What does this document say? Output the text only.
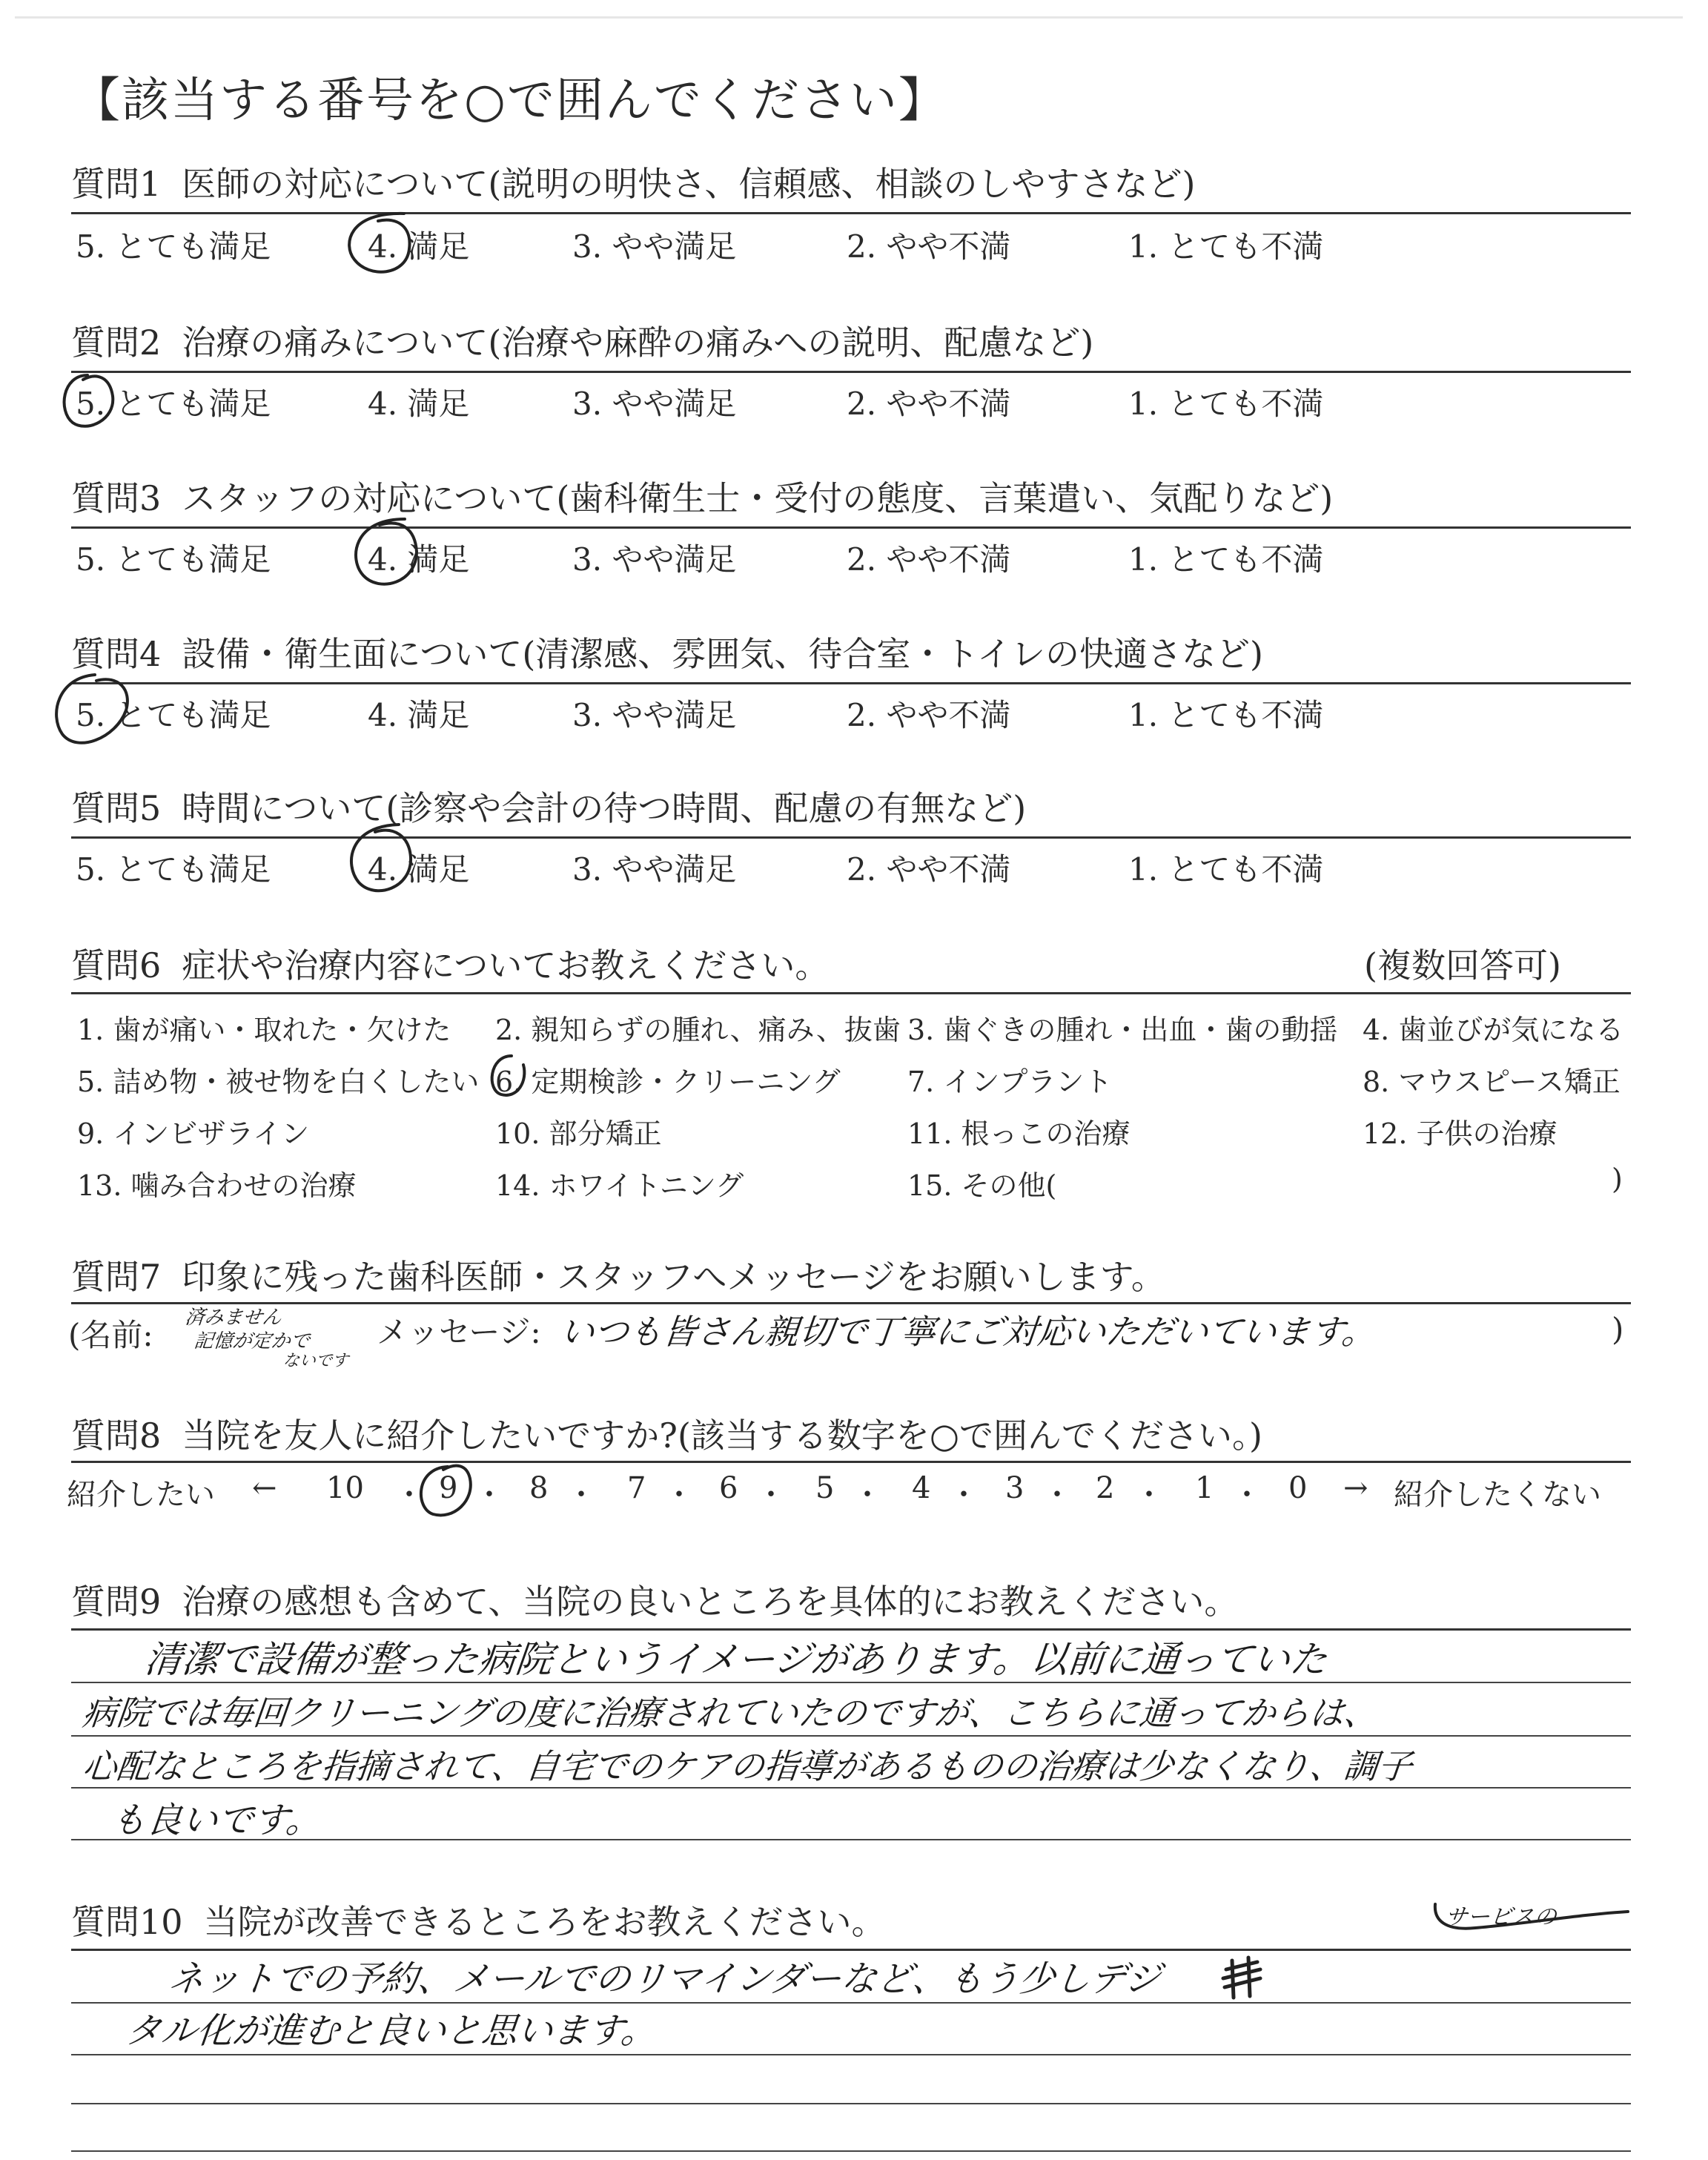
【該当する番号を○で囲んでください】
質問1 医師の対応について(説明の明快さ、信頼感、相談のしやすさなど)
5. とても満足	4. 満足	3. やや満足	2. やや不満	1. とても不満
質問2 治療の痛みについて(治療や麻酔の痛みへの説明、配慮など)
5. とても満足	4. 満足	3. やや満足	2. やや不満	1. とても不満
質問3 スタッフの対応について(歯科衛生士・受付の態度、言葉遣い、気配りなど)
5. とても満足	4. 満足	3. やや満足	2. やや不満	1. とても不満
質問4 設備・衛生面について(清潔感、雰囲気、待合室・トイレの快適さなど)
5. とても満足	4. 満足	3. やや満足	2. やや不満	1. とても不満
質問5 時間について(診察や会計の待つ時間、配慮の有無など)
5. とても満足	4. 満足	3. やや満足	2. やや不満	1. とても不満
質問6 症状や治療内容についてお教えください。	(複数回答可)
1. 歯が痛い・取れた・欠けた 2. 親知らずの腫れ、痛み、抜歯 3. 歯ぐきの腫れ・出血・歯の動揺 4. 歯並びが気になる
5. 詰め物・被せ物を白くしたい 6. 定期検診・クリーニング 7. インプラント	8. マウスピース矯正
9. インビザライン	10. 部分矯正	11. 根っこの治療	12. 子供の治療
13. 噛み合わせの治療	14. ホワイトニング	15. その他(	)
質問7 印象に残った歯科医師・スタッフへメッセージをお願いします。
(名前: 済みません
記憶が定かで
ないです
メッセージ: いつも皆さん親切で丁寧にご対応いただいています。	)
質問8 当院を友人に紹介したいですか?(該当する数字を○で囲んでください。)
紹介したい ← 10 ・ 9 ・ 8 ・ 7 ・ 6 ・ 5 ・ 4 ・ 3 ・ 2 ・ 1 ・ 0 → 紹介したくない
質問9 治療の感想も含めて、当院の良いところを具体的にお教えください。
清潔で設備が整った病院というイメージがあります。以前に通っていた
病院では毎回クリーニングの度に治療されていたのですが、こちらに通ってからは、
心配なところを指摘されて、自宅でのケアの指導があるものの治療は少なくなり、調子
も良いです。
質問10 当院が改善できるところをお教えください。	サービスの
ネットでの予約、メールでのリマインダーなど、もう少しデジ
タル化が進むと良いと思います。
